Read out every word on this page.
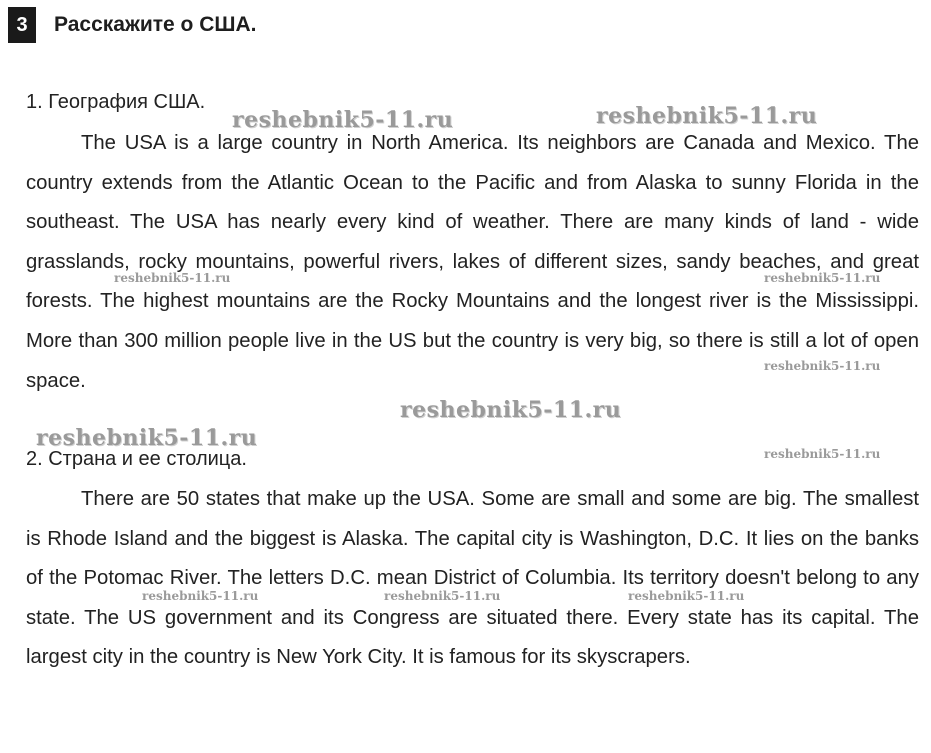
3	Расскажите о США.
1. География США.

The USA is a large country in North America. Its neighbors are Canada and Mexico. The country extends from the Atlantic Ocean to the Pacific and from Alaska to sunny Florida in the southeast. The USA has nearly every kind of weather. There are many kinds of land - wide grasslands, rocky mountains, powerful rivers, lakes of different sizes, sandy beaches, and great forests. The highest mountains are the Rocky Mountains and the longest river is the Mississippi. More than 300 million people live in the US but the country is very big, so there is still a lot of open space.

2. Страна и ее столица.

There are 50 states that make up the USA. Some are small and some are big. The smallest is Rhode Island and the biggest is Alaska. The capital city is Washington, D.C. It lies on the banks of the Potomac River. The letters D.C. mean District of Columbia. Its territory doesn't belong to any state. The US government and its Congress are situated there. Every state has its capital. The largest city in the country is New York City. It is famous for its skyscrapers.

reshebnik5-11.ru	reshebnik5-11.ru
reshebnik5-11.ru	reshebnik5-11.ru
reshebnik5-11.ru
reshebnik5-11.ru
reshebnik5-11.ru
reshebnik5-11.ru
reshebnik5-11.ru	reshebnik5-11.ru	reshebnik5-11.ru
